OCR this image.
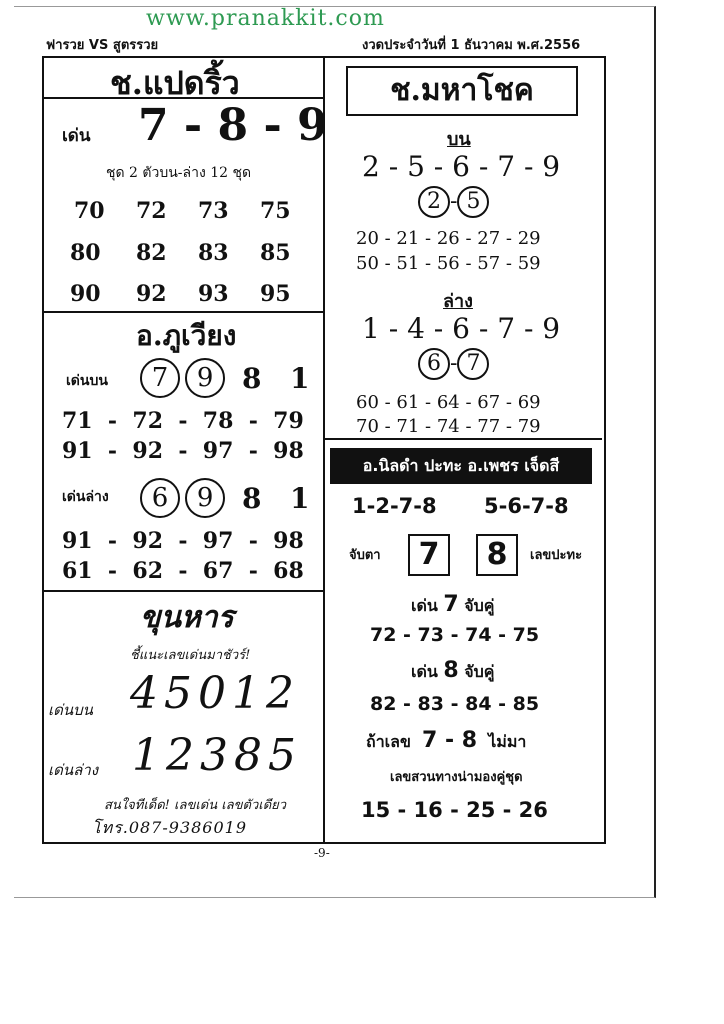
www.pranakkit.com
ฟารวย VS สูตรรวย	งวดประจำวันที่ 1 ธันวาคม พ.ศ.2556
ช.แปดริ้ว
เด่น 7 - 8 - 9
ชุด 2 ตัวบน-ล่าง 12 ชุด
70 72 73 75
80 82 83 85
90 92 93 95
อ.ภูเวียง
เด่นบน	7 9	8 1
71  -  72  -  78  -  79
91  -  92  -  97  -  98
เด่นล่าง	6 9	8 1
91  -  92  -  97  -  98
61  -  62  -  67  -  68
ขุนหาร
ชี้แนะเลขเด่นมาชัวร์!
เด่นบน 45012
เด่นล่าง 12385
สนใจทีเด็ด! เลขเด่น เลขตัวเดียว
โทร.087-9386019
ช.มหาโชค
บน
2 - 5 - 6 - 7 - 9
2 - 5
20 - 21 - 26 - 27 - 29
50 - 51 - 56 - 57 - 59
ล่าง
1 - 4 - 6 - 7 - 9
6 - 7
60 - 61 - 64 - 67 - 69
70 - 71 - 74 - 77 - 79
อ.นิลดำ ปะทะ อ.เพชร เจ็ดสี
1-2-7-8 5-6-7-8
จับตา	7	8	เลขปะทะ
เด่น 7 จับคู่
72 - 73 - 74 - 75
เด่น 8 จับคู่
82 - 83 - 84 - 85
ถ้าเลข 7 - 8 ไม่มา
เลขสวนทางน่ามองคู่ชุด
15 - 16 - 25 - 26
-9-
